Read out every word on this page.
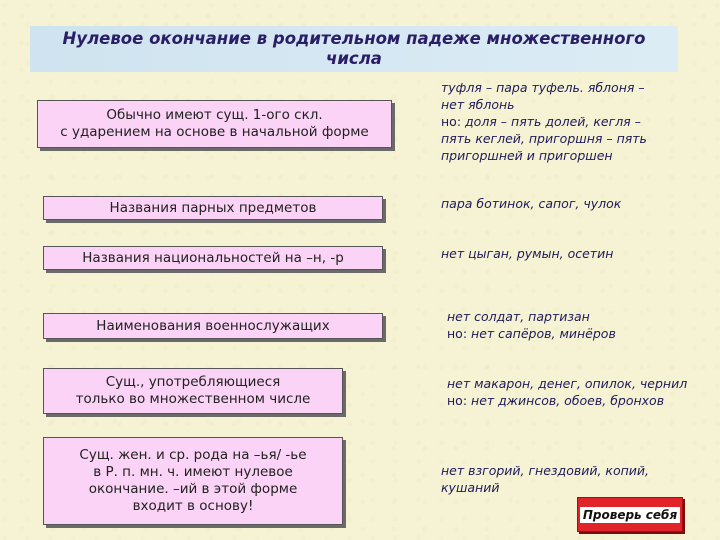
Нулевое окончание в родительном падеже множественного
числа
Обычно имеют сущ. 1-ого скл.
с ударением на основе в начальной форме
туфля – пара туфель. яблоня –
нет яблонь
но: доля – пять долей, кегля –
пять кеглей, пригоршня – пять
пригоршней и пригоршен
Названия парных предметов	пара ботинок, сапог, чулок
Названия национальностей на –н, -р	нет цыган, румын, осетин
Наименования военнослужащих
нет солдат, партизан
но: нет сапёров, минёров
Сущ., употребляющиеся
только во множественном числе
нет макарон, денег, опилок, чернил
но: нет джинсов, обоев, бронхов
Сущ. жен. и ср. рода на –ья/ -ье
в Р. п. мн. ч. имеют нулевое
окончание. –ий в этой форме
входит в основу!
нет взгорий, гнездовий, копий,
кушаний
Проверь себя
